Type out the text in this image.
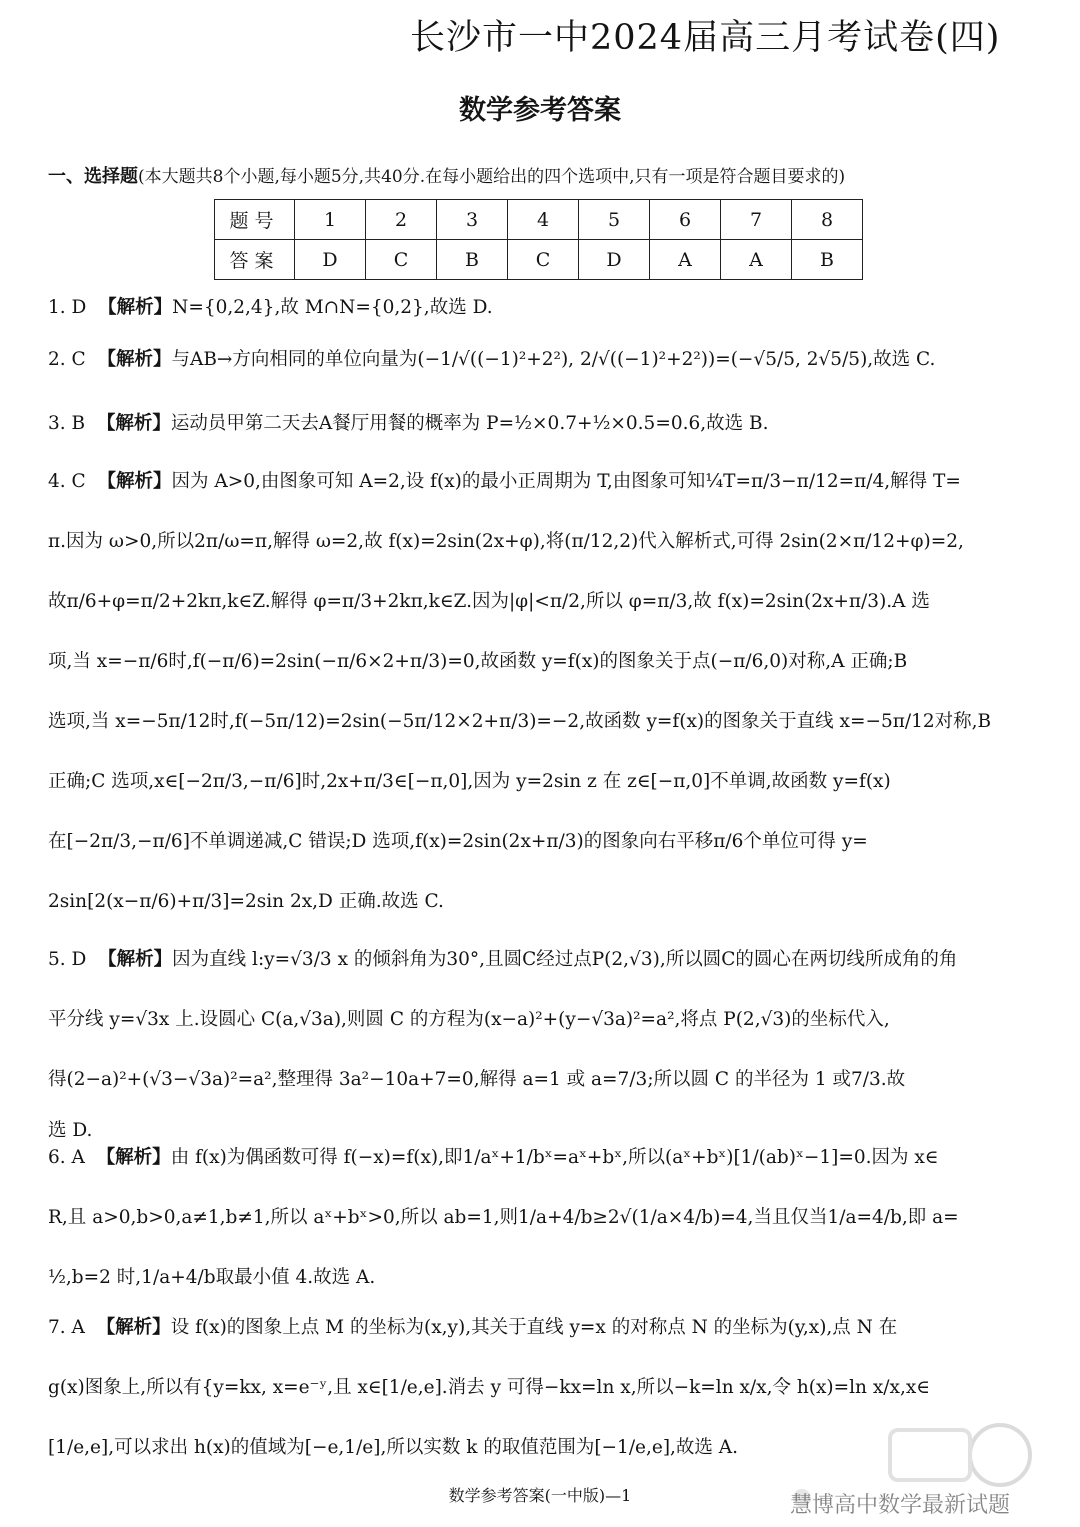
长沙市一中2024届高三月考试卷(四)
数学参考答案
一、选择题(本大题共8个小题,每小题5分,共40分.在每小题给出的四个选项中,只有一项是符合题目要求的)
题号	1	2	3	4	5	6	7	8
答案	D	C	B	C	D	A	A	B
1. D 【解析】N={0,2,4},故 M∩N={0,2},故选 D.
2. C 【解析】与AB→方向相同的单位向量为(−1/√((−1)²+2²), 2/√((−1)²+2²))=(−√5/5, 2√5/5),故选 C.
3. B 【解析】运动员甲第二天去A餐厅用餐的概率为 P=½×0.7+½×0.5=0.6,故选 B.
4. C 【解析】因为 A>0,由图象可知 A=2,设 f(x)的最小正周期为 T,由图象可知¼T=π/3−π/12=π/4,解得 T=
π.因为 ω>0,所以2π/ω=π,解得 ω=2,故 f(x)=2sin(2x+φ),将(π/12,2)代入解析式,可得 2sin(2×π/12+φ)=2,
故π/6+φ=π/2+2kπ,k∈Z.解得 φ=π/3+2kπ,k∈Z.因为|φ|<π/2,所以 φ=π/3,故 f(x)=2sin(2x+π/3).A 选
项,当 x=−π/6时,f(−π/6)=2sin(−π/6×2+π/3)=0,故函数 y=f(x)的图象关于点(−π/6,0)对称,A 正确;B
选项,当 x=−5π/12时,f(−5π/12)=2sin(−5π/12×2+π/3)=−2,故函数 y=f(x)的图象关于直线 x=−5π/12对称,B
正确;C 选项,x∈[−2π/3,−π/6]时,2x+π/3∈[−π,0],因为 y=2sin z 在 z∈[−π,0]不单调,故函数 y=f(x)
在[−2π/3,−π/6]不单调递减,C 错误;D 选项,f(x)=2sin(2x+π/3)的图象向右平移π/6个单位可得 y=
2sin[2(x−π/6)+π/3]=2sin 2x,D 正确.故选 C.
5. D 【解析】因为直线 l:y=√3/3 x 的倾斜角为30°,且圆C经过点P(2,√3),所以圆C的圆心在两切线所成角的角
平分线 y=√3x 上.设圆心 C(a,√3a),则圆 C 的方程为(x−a)²+(y−√3a)²=a²,将点 P(2,√3)的坐标代入,
得(2−a)²+(√3−√3a)²=a²,整理得 3a²−10a+7=0,解得 a=1 或 a=7/3;所以圆 C 的半径为 1 或7/3.故
选 D.
6. A 【解析】由 f(x)为偶函数可得 f(−x)=f(x),即1/aˣ+1/bˣ=aˣ+bˣ,所以(aˣ+bˣ)[1/(ab)ˣ−1]=0.因为 x∈
R,且 a>0,b>0,a≠1,b≠1,所以 aˣ+bˣ>0,所以 ab=1,则1/a+4/b≥2√(1/a×4/b)=4,当且仅当1/a=4/b,即 a=
½,b=2 时,1/a+4/b取最小值 4.故选 A.
7. A 【解析】设 f(x)的图象上点 M 的坐标为(x,y),其关于直线 y=x 的对称点 N 的坐标为(y,x),点 N 在
g(x)图象上,所以有{y=kx, x=e⁻ʸ,且 x∈[1/e,e].消去 y 可得−kx=ln x,所以−k=ln x/x,令 h(x)=ln x/x,x∈
[1/e,e],可以求出 h(x)的值域为[−e,1/e],所以实数 k 的取值范围为[−1/e,e],故选 A.
数学参考答案(一中版)—1	慧博高中数学最新试题
